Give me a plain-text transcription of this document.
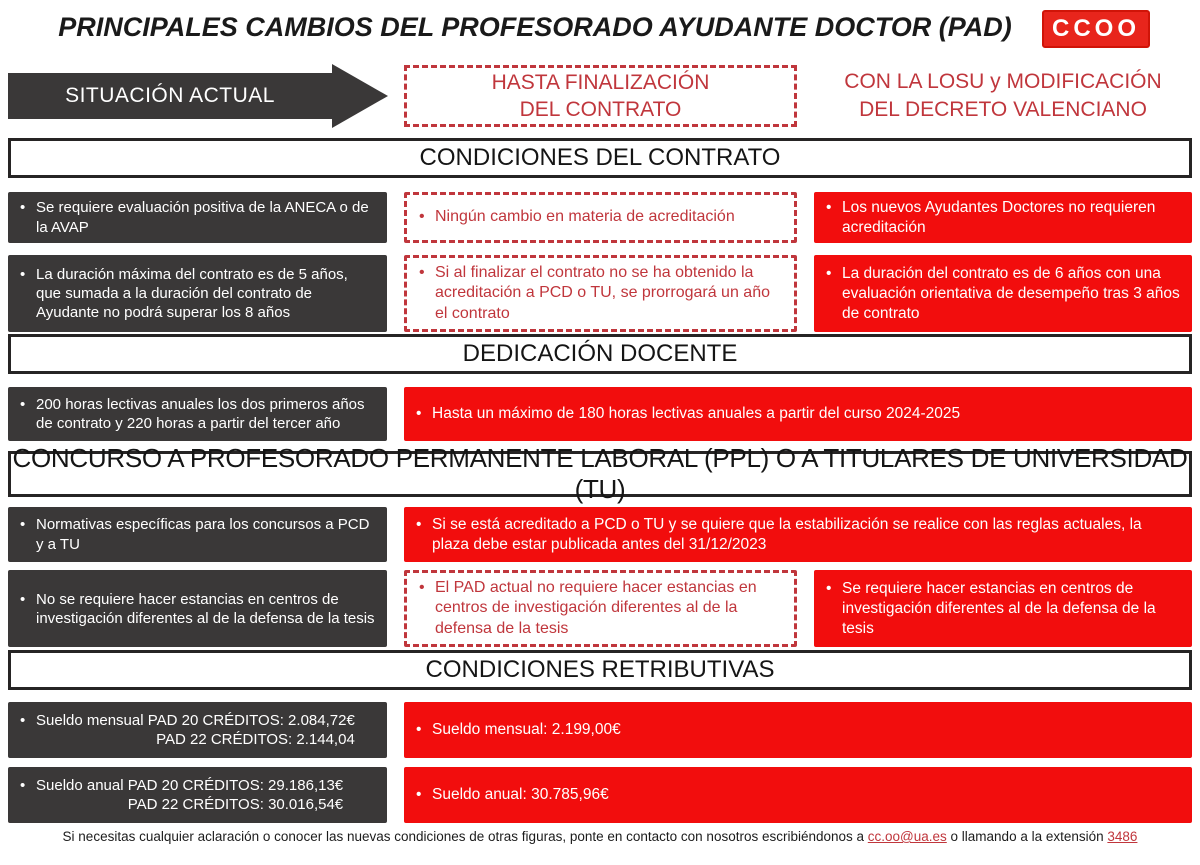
PRINCIPALES CAMBIOS DEL PROFESORADO AYUDANTE DOCTOR (PAD)	CCOO
SITUACIÓN ACTUAL
HASTA FINALIZACIÓN
DEL CONTRATO
CON LA LOSU y MODIFICACIÓN
DEL DECRETO VALENCIANO
CONDICIONES DEL CONTRATO
• Se requiere evaluación positiva de la ANECA o de la AVAP
• Ningún cambio en materia de acreditación
• Los nuevos Ayudantes Doctores no requieren acreditación
• La duración máxima del contrato es de 5 años, que sumada a la duración del contrato de Ayudante no podrá superar los 8 años
• Si al finalizar el contrato no se ha obtenido la acreditación a PCD o TU, se prorrogará un año el contrato
• La duración del contrato es de 6 años con una evaluación orientativa de desempeño tras 3 años de contrato
DEDICACIÓN DOCENTE
• 200 horas lectivas anuales los dos primeros años de contrato y 220 horas a partir del tercer año
• Hasta un máximo de 180 horas lectivas anuales a partir del curso 2024-2025
CONCURSO A PROFESORADO PERMANENTE LABORAL (PPL) O A TITULARES DE UNIVERSIDAD (TU)
• Normativas específicas para los concursos a PCD y a TU
• Si se está acreditado a PCD o TU y se quiere que la estabilización se realice con las reglas actuales, la plaza debe estar publicada antes del 31/12/2023
• No se requiere hacer estancias en centros de investigación diferentes al de la defensa de la tesis
• El PAD actual no requiere hacer estancias en centros de investigación diferentes al de la defensa de la tesis
• Se requiere hacer estancias en centros de investigación diferentes al de la defensa de la tesis
CONDICIONES RETRIBUTIVAS
• Sueldo mensual PAD 20 CRÉDITOS: 2.084,72€
PAD 22 CRÉDITOS: 2.144,04
• Sueldo mensual: 2.199,00€
• Sueldo anual PAD 20 CRÉDITOS: 29.186,13€
PAD 22 CRÉDITOS: 30.016,54€
• Sueldo anual: 30.785,96€
Si necesitas cualquier aclaración o conocer las nuevas condiciones de otras figuras, ponte en contacto con nosotros escribiéndonos a cc.oo@ua.es o llamando a la extensión 3486
